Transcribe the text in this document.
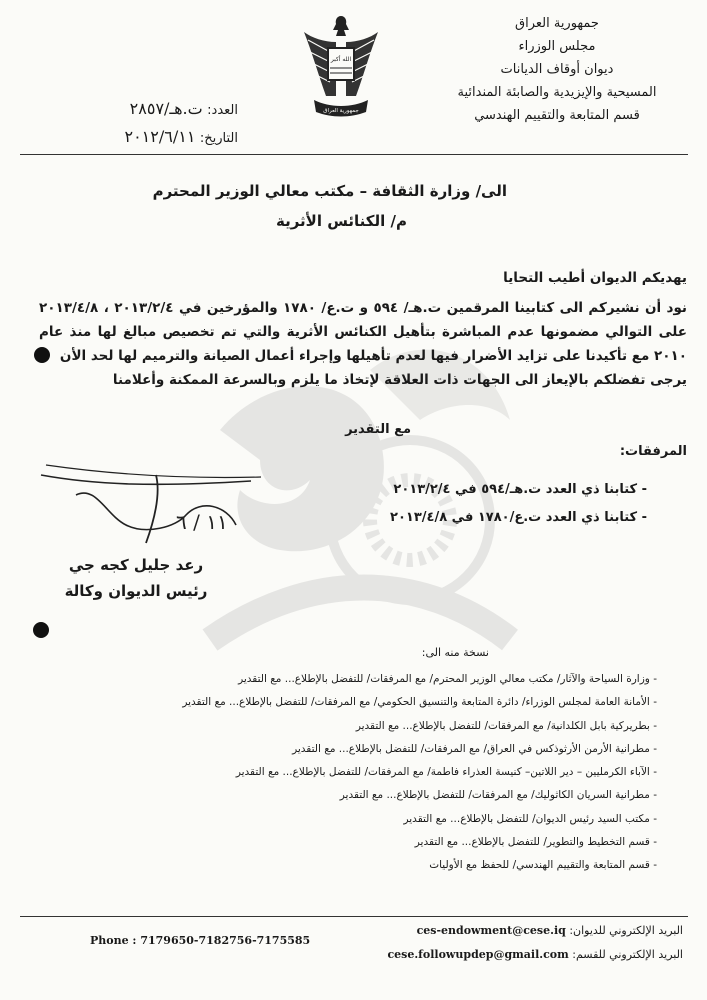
جمهورية العراق
مجلس الوزراء
ديوان أوقاف الديانات
المسيحية والإيزيدية والصابئة المندائية
قسم المتابعة والتقييم الهندسي
الله أكبر
جمهورية العراق
العدد: ت.هـ/٢٨٥٧
التاريخ: ٢٠١٢/٦/١١
الى/ وزارة الثقافة – مكتب معالي الوزير المحترم
م/ الكنائس الأثرية
يهديكم الديوان أطيب التحايا

نود أن نشيركم الى كتابينا المرقمين ت.هـ/ ٥٩٤ و ت.ع/ ١٧٨٠ والمؤرخين في ٢٠١٣/٢/٤ ، ٢٠١٣/٤/٨ على التوالي مضمونها عدم المباشرة بتأهيل الكنائس الأثرية والتي تم تخصيص مبالغ لها منذ عام ٢٠١٠ مع تأكيدنا على تزايد الأضرار فيها لعدم تأهيلها وإجراء أعمال الصيانة والترميم لها لحد الأن

يرجى تفضلكم بالإيعاز الى الجهات ذات العلاقة لإتخاذ ما يلزم وبالسرعة الممكنة وأعلامنا

مع التقدير
المرفقات:
- كتابنا ذي العدد ت.هـ/٥٩٤ في ٢٠١٣/٢/٤
- كتابنا ذي العدد ت.ع/١٧٨٠ في ٢٠١٣/٤/٨
١١ / ٦
رعد جليل كجه جي
رئيس الديوان وكالة
نسخة منه الى:
- وزارة السياحة والآثار/ مكتب معالي الوزير المحترم/ مع المرفقات/ للتفضل بالإطلاع... مع التقدير
- الأمانة العامة لمجلس الوزراء/ دائرة المتابعة والتنسيق الحكومي/ مع المرفقات/ للتفضل بالإطلاع... مع التقدير
- بطريركية بابل الكلدانية/ مع المرفقات/ للتفضل بالإطلاع... مع التقدير
- مطرانية الأرمن الأرثوذكس في العراق/ مع المرفقات/ للتفضل بالإطلاع... مع التقدير
- الآباء الكرمليين – دير اللاتين– كنيسة العذراء فاطمة/ مع المرفقات/ للتفضل بالإطلاع... مع التقدير
- مطرانية السريان الكاثوليك/ مع المرفقات/ للتفضل بالإطلاع... مع التقدير
- مكتب السيد رئيس الديوان/ للتفضل بالإطلاع... مع التقدير
- قسم التخطيط والتطوير/ للتفضل بالإطلاع... مع التقدير
- قسم المتابعة والتقييم الهندسي/ للحفظ مع الأوليات
البريد الإلكتروني للديوان: ces-endowment@cese.iq
البريد الإلكتروني للقسم: cese.followupdep@gmail.com
Phone : 7179650-7182756-7175585
